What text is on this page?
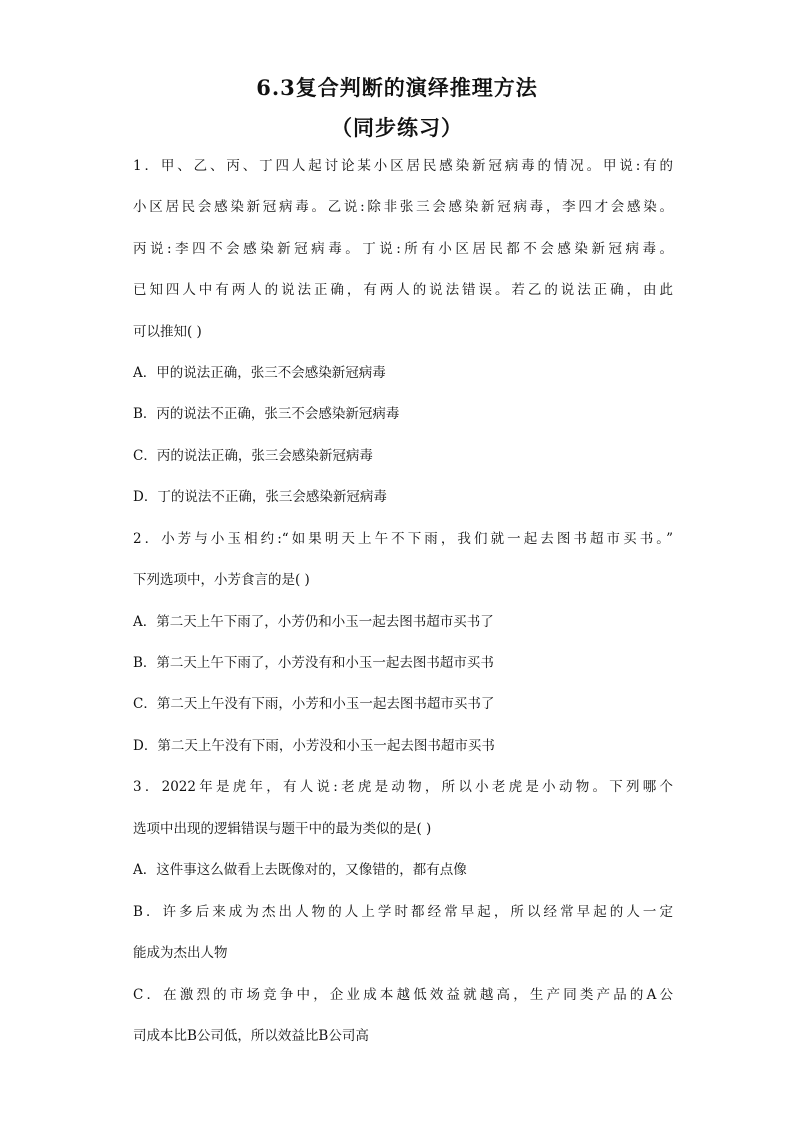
6.3复合判断的演绎推理方法
（同步练习）
1．甲、乙、丙、丁四人起讨论某小区居民感染新冠病毒的情况。甲说:有的
小区居民会感染新冠病毒。乙说:除非张三会感染新冠病毒，李四才会感染。
丙说:李四不会感染新冠病毒。丁说:所有小区居民都不会感染新冠病毒。
已知四人中有两人的说法正确，有两人的说法错误。若乙的说法正确，由此
可以推知( )
A．甲的说法正确，张三不会感染新冠病毒
B．丙的说法不正确，张三不会感染新冠病毒
C．丙的说法正确，张三会感染新冠病毒
D．丁的说法不正确，张三会感染新冠病毒
2．小芳与小玉相约:“如果明天上午不下雨，我们就一起去图书超市买书。”
下列选项中，小芳食言的是( )
A．第二天上午下雨了，小芳仍和小玉一起去图书超市买书了
B．第二天上午下雨了，小芳没有和小玉一起去图书超市买书
C．第二天上午没有下雨，小芳和小玉一起去图书超市买书了
D．第二天上午没有下雨，小芳没和小玉一起去图书超市买书
3．2022年是虎年，有人说:老虎是动物，所以小老虎是小动物。下列哪个
选项中出现的逻辑错误与题干中的最为类似的是( )
A．这件事这么做看上去既像对的，又像错的，都有点像
B．许多后来成为杰出人物的人上学时都经常早起，所以经常早起的人一定
能成为杰出人物
C．在激烈的市场竞争中，企业成本越低效益就越高，生产同类产品的A公
司成本比B公司低，所以效益比B公司高
